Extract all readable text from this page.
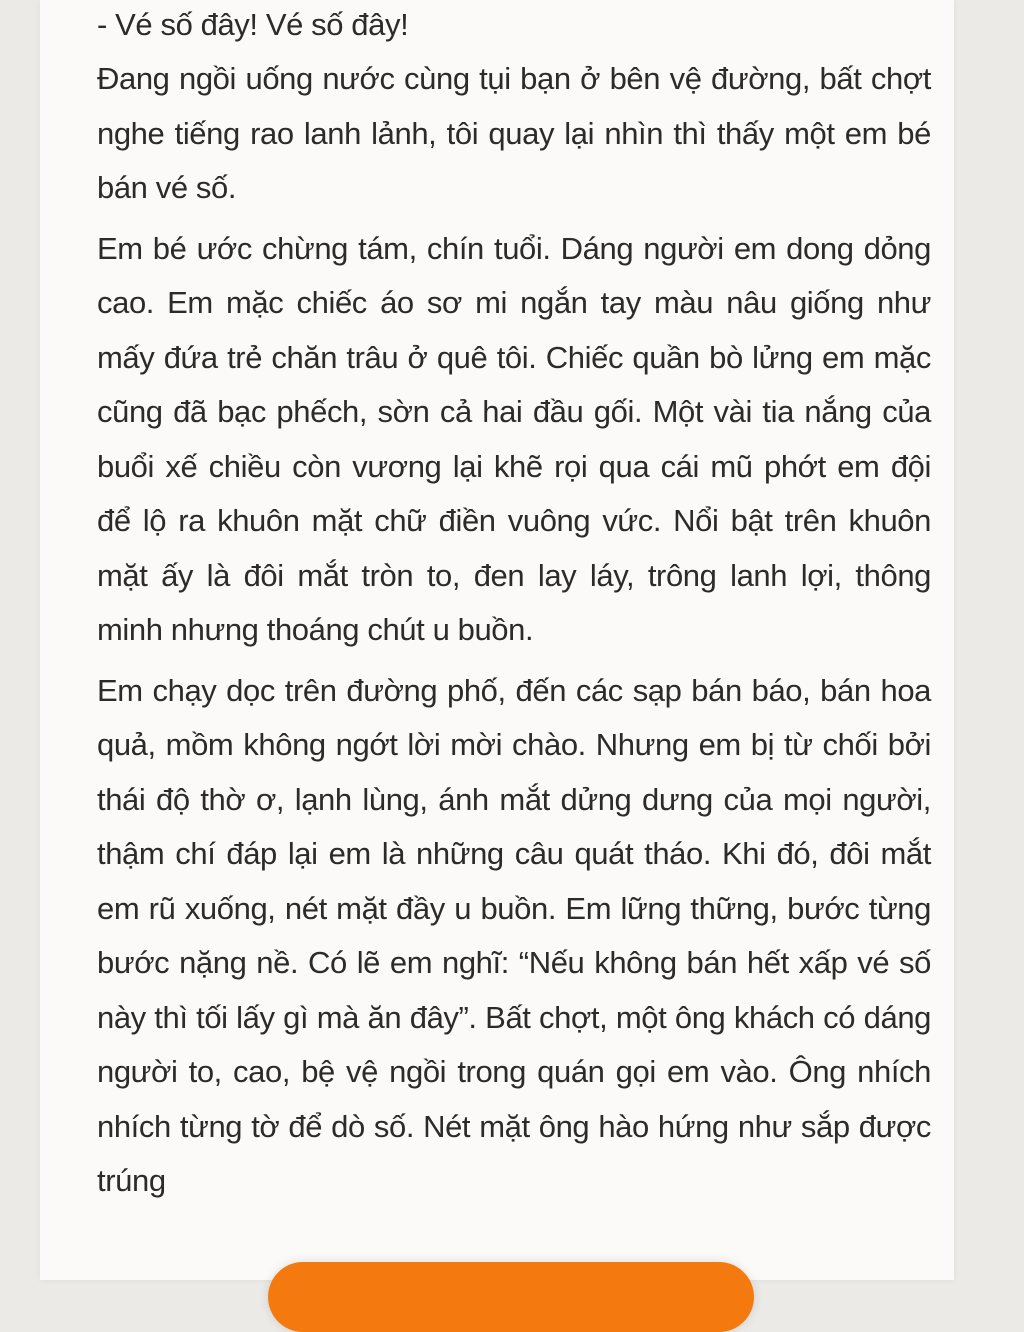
- Vé số đây! Vé số đây!

Đang ngồi uống nước cùng tụi bạn ở bên vệ đường, bất chợt nghe tiếng rao lanh lảnh, tôi quay lại nhìn thì thấy một em bé bán vé số.

Em bé ước chừng tám, chín tuổi. Dáng người em dong dỏng cao. Em mặc chiếc áo sơ mi ngắn tay màu nâu giống như mấy đứa trẻ chăn trâu ở quê tôi. Chiếc quần bò lửng em mặc cũng đã bạc phếch, sờn cả hai đầu gối. Một vài tia nắng của buổi xế chiều còn vương lại khẽ rọi qua cái mũ phớt em đội để lộ ra khuôn mặt chữ điền vuông vức. Nổi bật trên khuôn mặt ấy là đôi mắt tròn to, đen lay láy, trông lanh lợi, thông minh nhưng thoáng chút u buồn.

Em chạy dọc trên đường phố, đến các sạp bán báo, bán hoa quả, mồm không ngớt lời mời chào. Nhưng em bị từ chối bởi thái độ thờ ơ, lạnh lùng, ánh mắt dửng dưng của mọi người, thậm chí đáp lại em là những câu quát tháo. Khi đó, đôi mắt em rũ xuống, nét mặt đầy u buồn. Em lững thững, bước từng bước nặng nề. Có lẽ em nghĩ: “Nếu không bán hết xấp vé số này thì tối lấy gì mà ăn đây”. Bất chợt, một ông khách có dáng người to, cao, bệ vệ ngồi trong quán gọi em vào. Ông nhích nhích từng tờ để dò số. Nét mặt ông hào hứng như sắp được trúng
